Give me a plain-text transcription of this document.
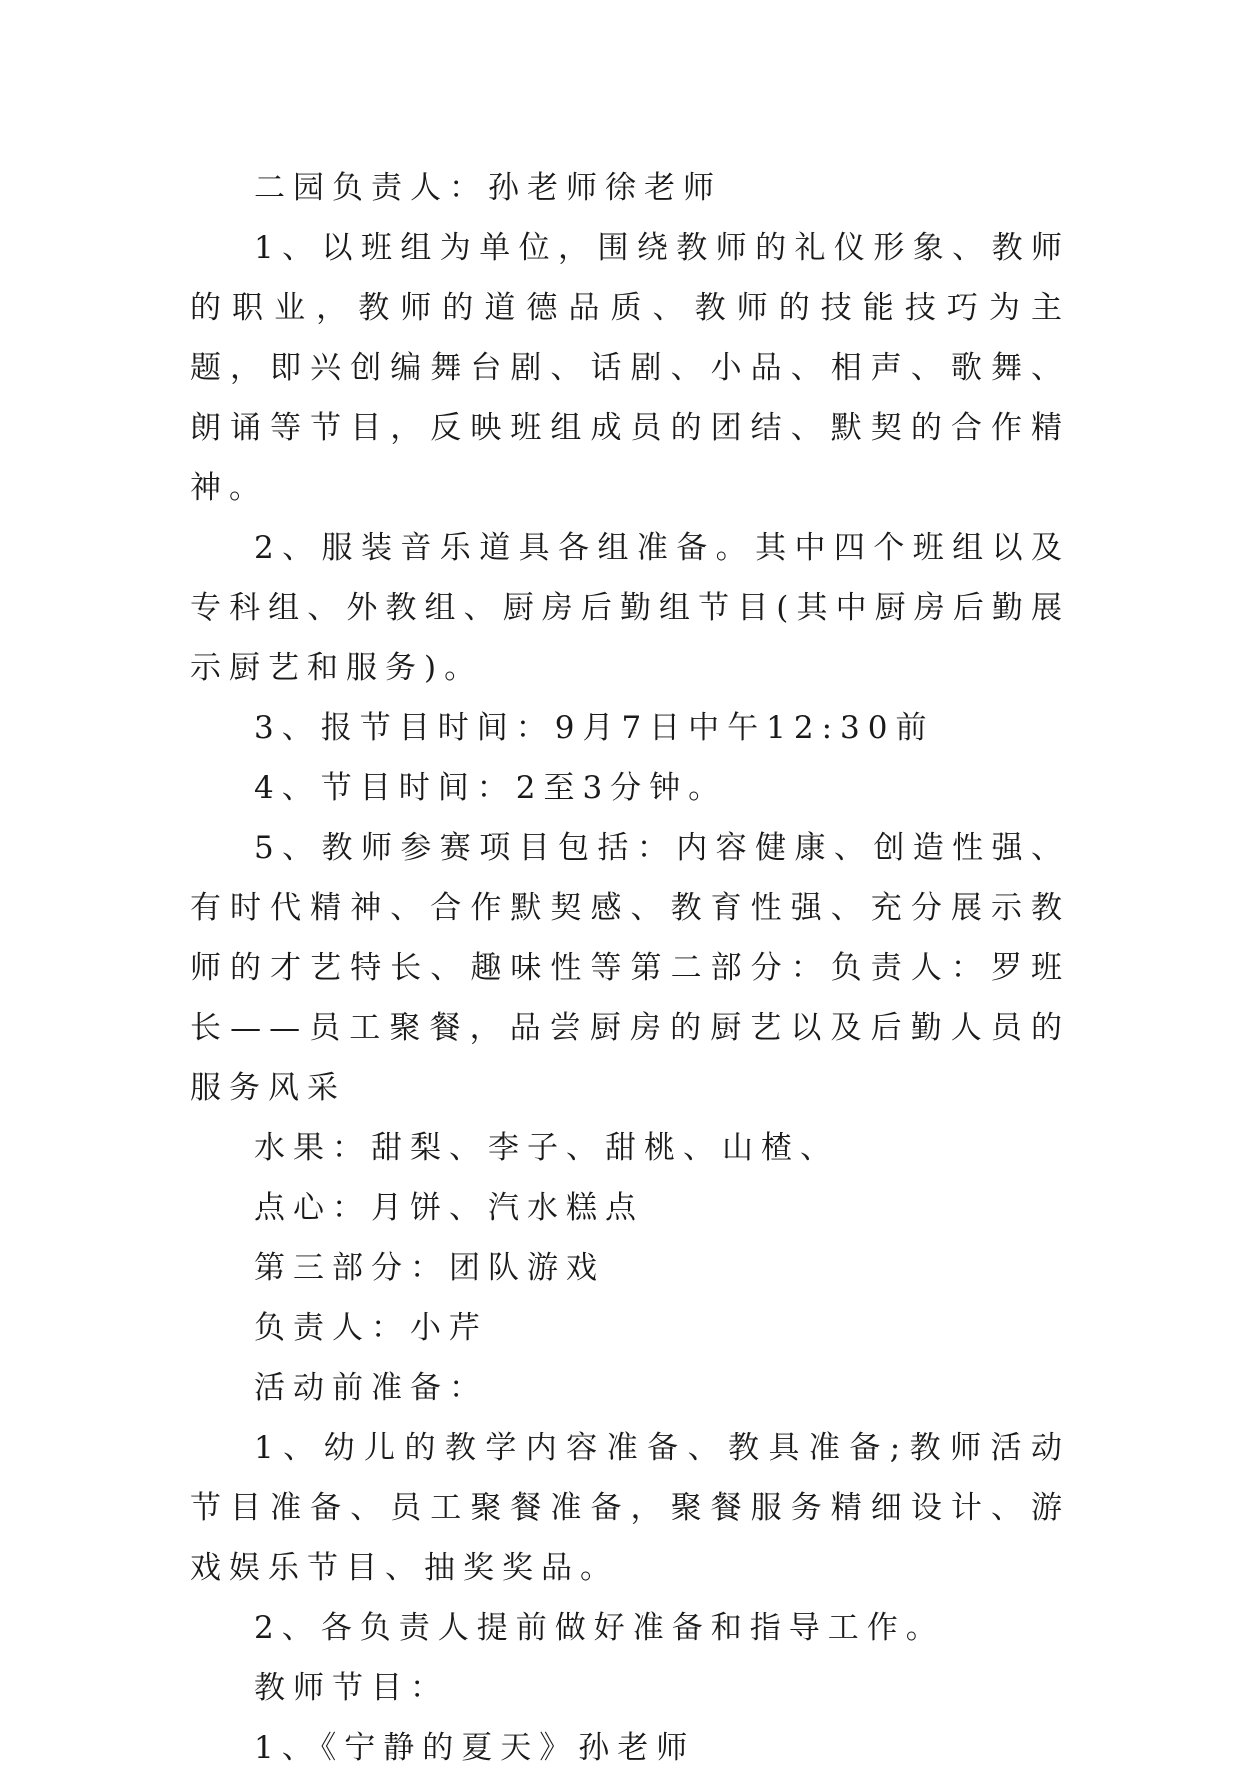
二园负责人：孙老师徐老师

1、以班组为单位，围绕教师的礼仪形象、教师的职业，教师的道德品质、教师的技能技巧为主题，即兴创编舞台剧、话剧、小品、相声、歌舞、朗诵等节目，反映班组成员的团结、默契的合作精神。

2、服装音乐道具各组准备。其中四个班组以及专科组、外教组、厨房后勤组节目(其中厨房后勤展示厨艺和服务)。

3、报节目时间：9月7日中午12:30前

4、节目时间：2至3分钟。

5、教师参赛项目包括：内容健康、创造性强、有时代精神、合作默契感、教育性强、充分展示教师的才艺特长、趣味性等第二部分：负责人：罗班长——员工聚餐，品尝厨房的厨艺以及后勤人员的服务风采

水果：甜梨、李子、甜桃、山楂、

点心：月饼、汽水糕点

第三部分：团队游戏

负责人：小芹

活动前准备：

1、幼儿的教学内容准备、教具准备;教师活动节目准备、员工聚餐准备，聚餐服务精细设计、游戏娱乐节目、抽奖奖品。

2、各负责人提前做好准备和指导工作。

教师节目：

1、《宁静的夏天》孙老师
